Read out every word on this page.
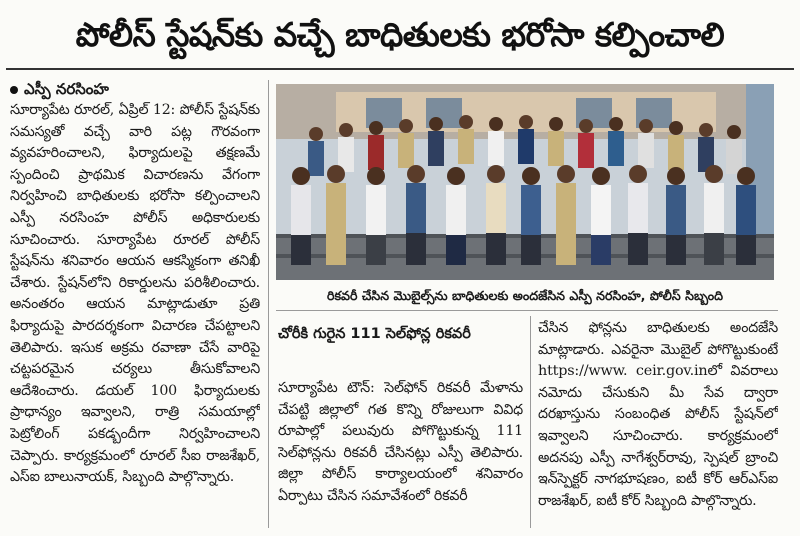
పోలీస్ స్టేషన్‌కు వచ్చే బాధితులకు భరోసా కల్పించాలి
ఎస్పీ నరసింహ
సూర్యాపేట రూరల్, ఏప్రిల్ 12: పోలీస్ స్టేషన్‌కు సమస్యతో వచ్చే వారి పట్ల గౌరవంగా వ్యవహరించాలని, ఫిర్యాదులపై తక్షణమే స్పందించి ప్రాథమిక విచారణను వేగంగా నిర్వహించి బాధితులకు భరోసా కల్పించాలని ఎస్పీ నరసింహ పోలీస్ అధికారులకు సూచించారు. సూర్యాపేట రూరల్ పోలీస్ స్టేషన్‌ను శనివారం ఆయన ఆకస్మికంగా తనిఖీ చేశారు. స్టేషన్‌లోని రికార్డులను పరిశీలించారు. అనంతరం ఆయన మాట్లాడుతూ ప్రతి ఫిర్యాదుపై పారదర్శకంగా విచారణ చేపట్టాలని తెలిపారు. ఇసుక అక్రమ రవాణా చేసే వారిపై చట్టపరమైన చర్యలు తీసుకోవాలని ఆదేశించారు. డయల్ 100 ఫిర్యాదులకు ప్రాధాన్యం ఇవ్వాలని, రాత్రి సమయాల్లో పెట్రోలింగ్ పకడ్బందీగా నిర్వహించాలని చెప్పారు. కార్యక్రమంలో రూరల్ సీఐ రాజశేఖర్, ఎస్ఐ బాలునాయక్, సిబ్బంది పాల్గొన్నారు.
రికవరీ చేసిన మొబైల్స్‌ను బాధితులకు అందజేసిన ఎస్పీ నరసింహ, పోలీస్ సిబ్బంది
చోరీకి గురైన 111 సెల్‌ఫోన్ల రికవరీ
సూర్యాపేట టౌన్: సెల్‌ఫోన్ రికవరీ మేళాను చేపట్టి జిల్లాలో గత కొన్ని రోజులుగా వివిధ రూపాల్లో పలువురు పోగొట్టుకున్న 111 సెల్‌ఫోన్లను రికవరీ చేసినట్లు ఎస్పీ తెలిపారు. జిల్లా పోలీస్ కార్యాలయంలో శనివారం ఏర్పాటు చేసిన సమావేశంలో రికవరీ
చేసిన ఫోన్లను బాధితులకు అందజేసి మాట్లాడారు. ఎవరైనా మొబైల్ పోగొట్టుకుంటే https://www. ceir.gov.inలో వివరాలు నమోదు చేసుకుని మీ సేవ ద్వారా దరఖాస్తును సంబంధిత పోలీస్ స్టేషన్‌లో ఇవ్వాలని సూచించారు. కార్యక్రమంలో అదనపు ఎస్పీ నాగేశ్వర్‌రావు, స్పెషల్ బ్రాంచి ఇన్‌స్పెక్టర్ నాగభూషణం, ఐటీ కోర్ ఆర్ఎస్ఐ రాజశేఖర్, ఐటీ కోర్ సిబ్బంది పాల్గొన్నారు.
